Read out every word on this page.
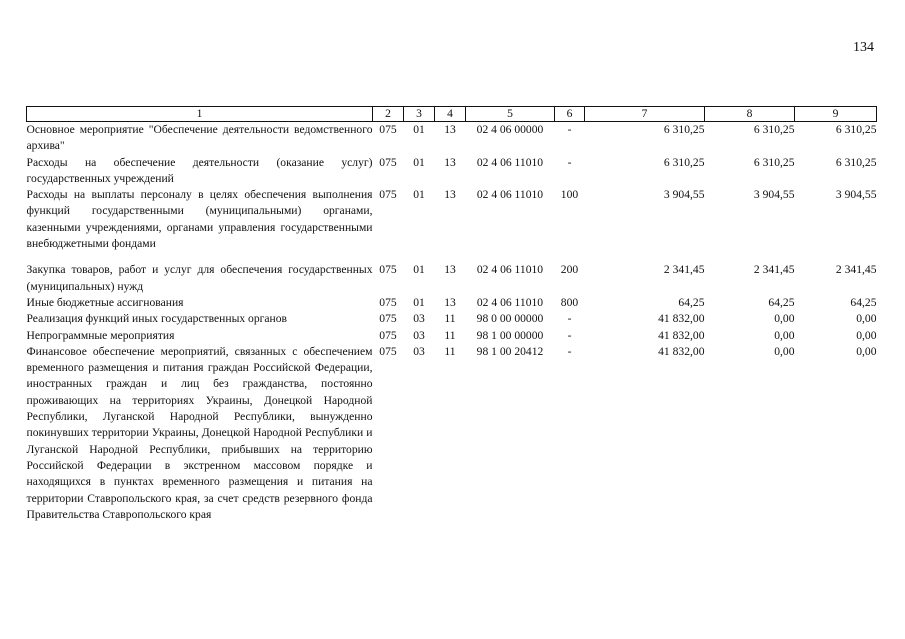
134
1	2	3	4	5	6	7	8	9
Основное мероприятие "Обеспечение деятельности ведомственного архива"	075	01	13	02 4 06 00000	-	6 310,25	6 310,25	6 310,25
Расходы на обеспечение деятельности (оказание услуг) государственных учреждений	075	01	13	02 4 06 11010	-	6 310,25	6 310,25	6 310,25
Расходы на выплаты персоналу в целях обеспечения выполнения функций государственными (муниципальными) органами, казенными учреждениями, органами управления государственными внебюджетными фондами	075	01	13	02 4 06 11010	100	3 904,55	3 904,55	3 904,55

Закупка товаров, работ и услуг для обеспечения государственных (муниципальных) нужд	075	01	13	02 4 06 11010	200	2 341,45	2 341,45	2 341,45
Иные бюджетные ассигнования	075	01	13	02 4 06 11010	800	64,25	64,25	64,25
Реализация функций иных государственных органов	075	03	11	98 0 00 00000	-	41 832,00	0,00	0,00
Непрограммные мероприятия	075	03	11	98 1 00 00000	-	41 832,00	0,00	0,00
Финансовое обеспечение мероприятий, связанных с обеспечением временного размещения и питания граждан Российской Федерации, иностранных граждан и лиц без гражданства, постоянно проживающих на территориях Украины, Донецкой Народной Республики, Луганской Народной Республики, вынужденно покинувших территории Украины, Донецкой Народной Республики и Луганской Народной Республики, прибывших на территорию Российской Федерации в экстренном массовом порядке и находящихся в пунктах временного размещения и питания на территории Ставропольского края, за счет средств резервного фонда Правительства Ставропольского края	075	03	11	98 1 00 20412	-	41 832,00	0,00	0,00
